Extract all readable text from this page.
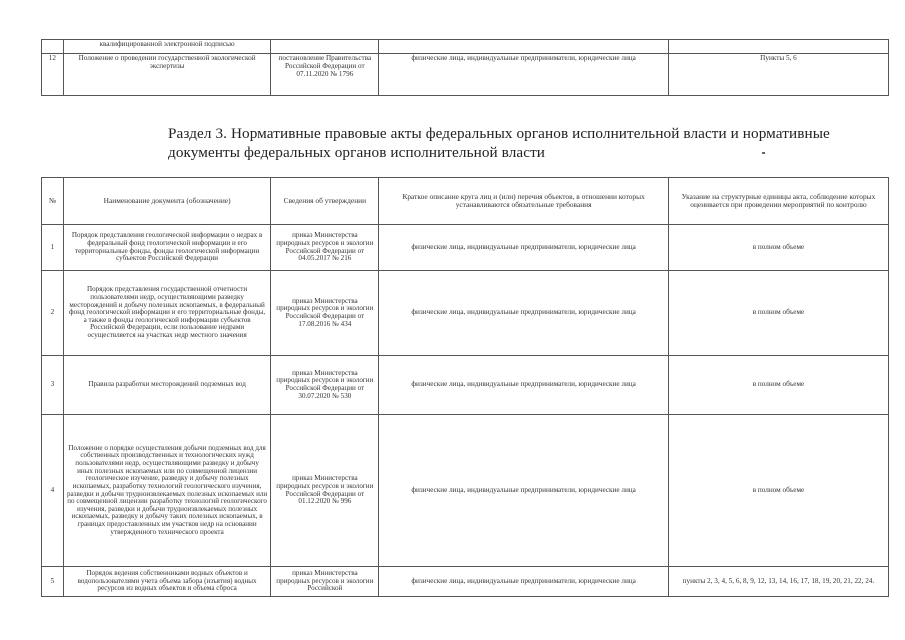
	квалифицированной электронной подписью			
12	Положение о проведении государственной экологической экспертизы	постановление Правительства Российской Федерации от 07.11.2020 № 1796	физические лица, индивидуальные предприниматели, юридические лица	Пункты 5, 6
Раздел 3. Нормативные правовые акты федеральных органов исполнительной власти и нормативные документы федеральных органов исполнительной власти
№	Наименование документа (обозначение)	Сведения об утверждении	Краткое описание круга лиц и (или) перечня объектов, в отношении которых устанавливаются обязательные требования	Указание на структурные единицы акта, соблюдение которых оценивается при проведении мероприятий по контролю
1	Порядок представления геологической информации о недрах в федеральный фонд геологической информации и его территориальные фонды, фонды геологической информации субъектов Российской Федерации	приказ Министерства природных ресурсов и экологии Российской Федерации от 04.05.2017 № 216	физические лица, индивидуальные предприниматели, юридические лица	в полном объеме
2	Порядок представления государственной отчетности пользователями недр, осуществляющими разведку месторождений и добычу полезных ископаемых, в федеральный фонд геологической информации и его территориальные фонды, а также в фонды геологической информации субъектов Российской Федерации, если пользование недрами осуществляется на участках недр местного значения	приказ Министерства природных ресурсов и экологии Российской Федерации от 17.08.2016 № 434	физические лица, индивидуальные предприниматели, юридические лица	в полном объеме
3	Правила разработки месторождений подземных вод	приказ Министерства природных ресурсов и экологии Российской Федерации от 30.07.2020 № 530	физические лица, индивидуальные предприниматели, юридические лица	в полном объеме
4	Положение о порядке осуществления добычи подземных вод для собственных производственных и технологических нужд пользователями недр, осуществляющими разведку и добычу иных полезных ископаемых или по совмещенной лицензии геологическое изучение, разведку и добычу полезных ископаемых, разработку технологий геологического изучения, разведки и добычи трудноизвлекаемых полезных ископаемых или по совмещенной лицензии разработку технологий геологического изучения, разведки и добычи трудноизвлекаемых полезных ископаемых, разведку и добычу таких полезных ископаемых, в границах предоставленных им участков недр на основании утвержденного технического проекта	приказ Министерства природных ресурсов и экологии Российской Федерации от 01.12.2020 № 996	физические лица, индивидуальные предприниматели, юридические лица	в полном объеме
5	Порядок ведения собственниками водных объектов и водопользователями учета объема забора (изъятия) водных ресурсов из водных объектов и объема сброса	приказ Министерства природных ресурсов и экологии Российской	физические лица, индивидуальные предприниматели, юридические лица	пункты 2, 3, 4, 5, 6, 8, 9, 12, 13, 14, 16, 17, 18, 19, 20, 21, 22, 24.
